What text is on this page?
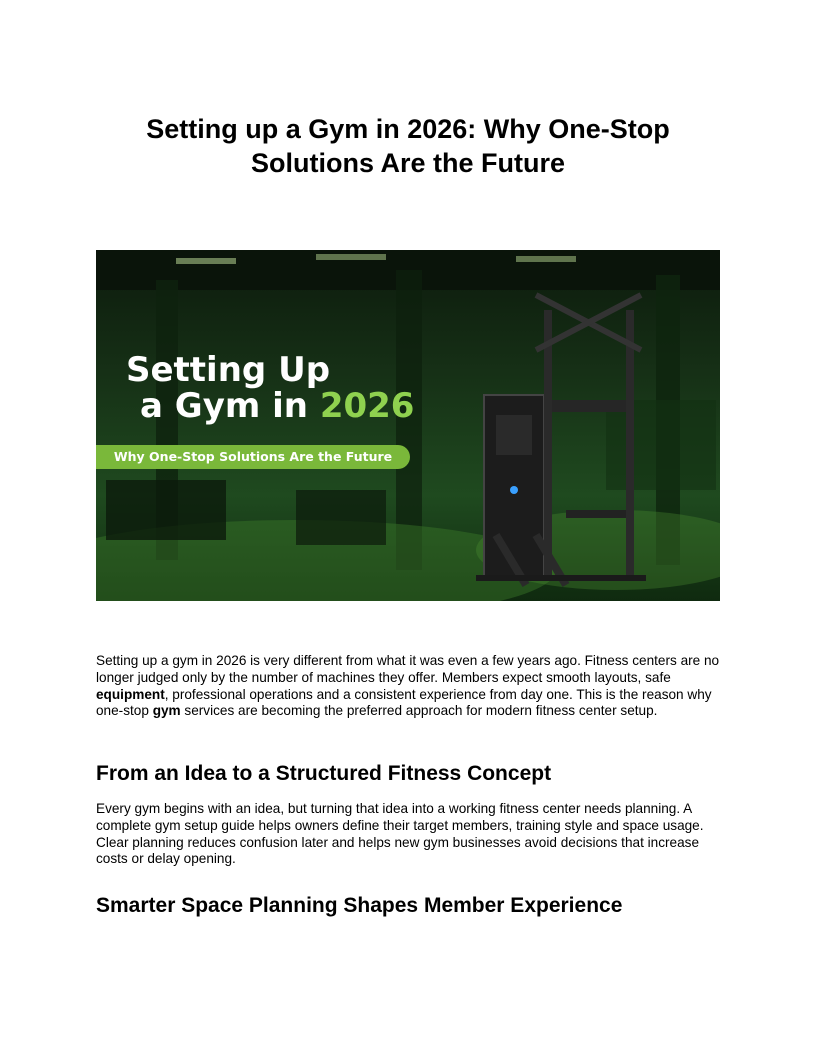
Setting up a Gym in 2026: Why One-Stop Solutions Are the Future
Setting Up
a Gym in 2026
Why One-Stop Solutions Are the Future

Setting up a gym in 2026 is very different from what it was even a few years ago. Fitness centers are no longer judged only by the number of machines they offer. Members expect smooth layouts, safe equipment, professional operations and a consistent experience from day one. This is the reason why one-stop gym services are becoming the preferred approach for modern fitness center setup.

From an Idea to a Structured Fitness Concept

Every gym begins with an idea, but turning that idea into a working fitness center needs planning. A complete gym setup guide helps owners define their target members, training style and space usage. Clear planning reduces confusion later and helps new gym businesses avoid decisions that increase costs or delay opening.

Smarter Space Planning Shapes Member Experience
